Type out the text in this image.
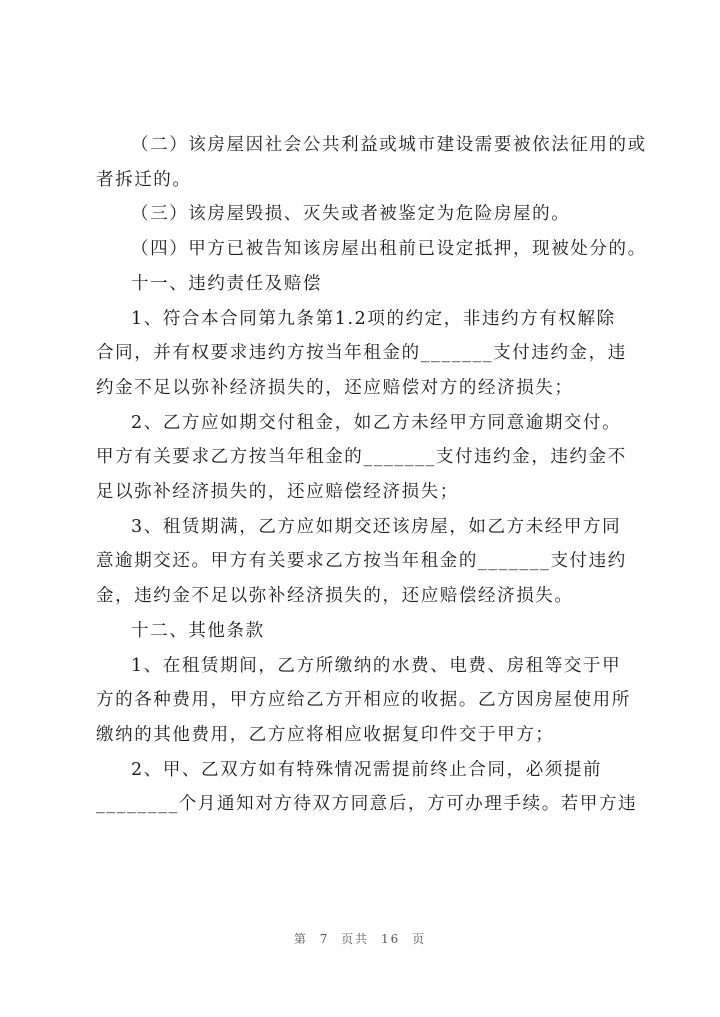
（二）该房屋因社会公共利益或城市建设需要被依法征用的或
者拆迁的。

（三）该房屋毁损、灭失或者被鉴定为危险房屋的。

（四）甲方已被告知该房屋出租前已设定抵押，现被处分的。

十一、违约责任及赔偿

1、符合本合同第九条第1.2项的约定，非违约方有权解除
合同，并有权要求违约方按当年租金的_______支付违约金，违
约金不足以弥补经济损失的，还应赔偿对方的经济损失；

2、乙方应如期交付租金，如乙方未经甲方同意逾期交付。
甲方有关要求乙方按当年租金的_______支付违约金，违约金不
足以弥补经济损失的，还应赔偿经济损失；

3、租赁期满，乙方应如期交还该房屋，如乙方未经甲方同
意逾期交还。甲方有关要求乙方按当年租金的_______支付违约
金，违约金不足以弥补经济损失的，还应赔偿经济损失。

十二、其他条款

1、在租赁期间，乙方所缴纳的水费、电费、房租等交于甲
方的各种费用，甲方应给乙方开相应的收据。乙方因房屋使用所
缴纳的其他费用，乙方应将相应收据复印件交于甲方；

2、甲、乙双方如有特殊情况需提前终止合同，必须提前
________个月通知对方待双方同意后，方可办理手续。若甲方违

第 7 页共 16 页
